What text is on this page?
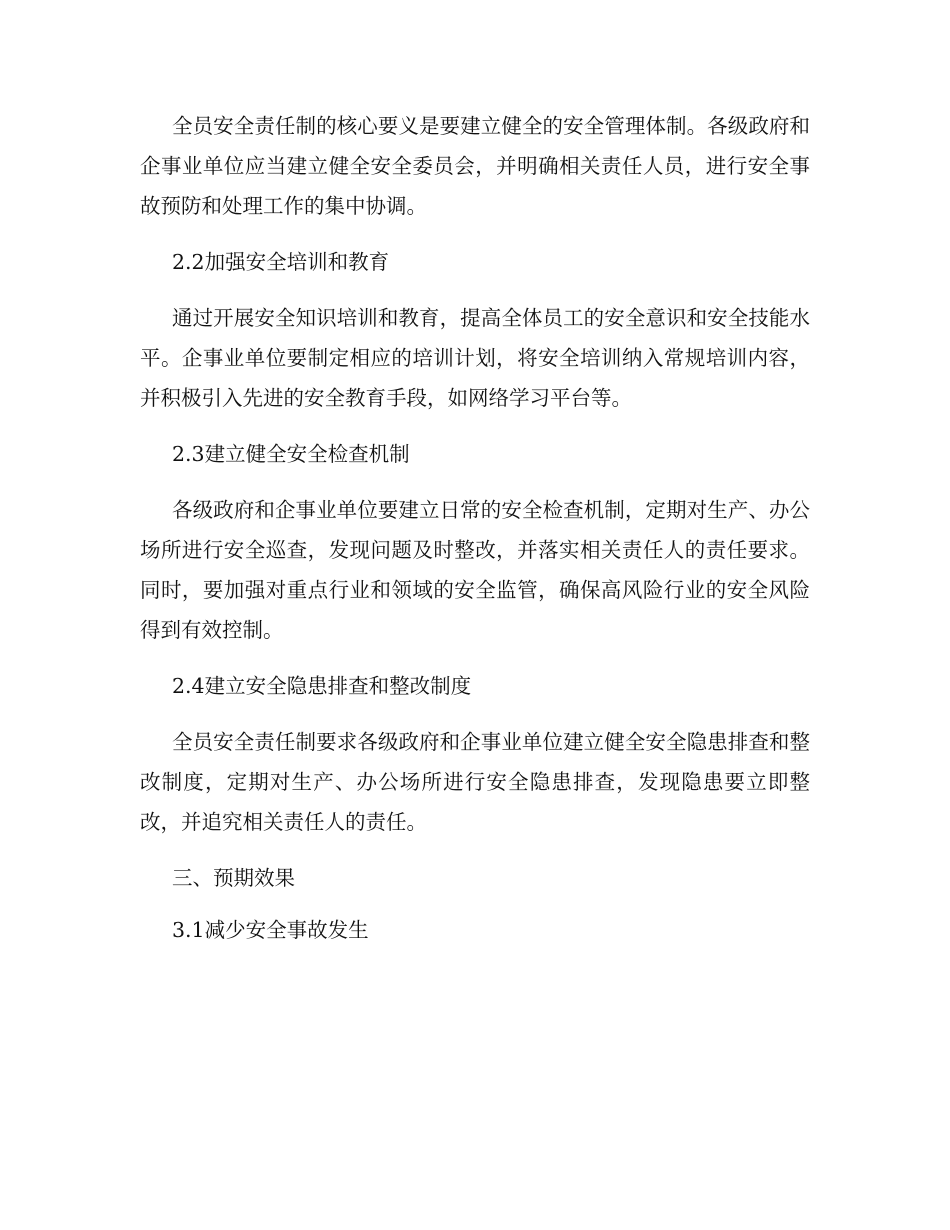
全员安全责任制的核心要义是要建立健全的安全管理体制。各级政府和企事业单位应当建立健全安全委员会，并明确相关责任人员，进行安全事故预防和处理工作的集中协调。

2.2加强安全培训和教育

通过开展安全知识培训和教育，提高全体员工的安全意识和安全技能水平。企事业单位要制定相应的培训计划，将安全培训纳入常规培训内容，并积极引入先进的安全教育手段，如网络学习平台等。

2.3建立健全安全检查机制

各级政府和企事业单位要建立日常的安全检查机制，定期对生产、办公场所进行安全巡查，发现问题及时整改，并落实相关责任人的责任要求。同时，要加强对重点行业和领域的安全监管，确保高风险行业的安全风险得到有效控制。

2.4建立安全隐患排查和整改制度

全员安全责任制要求各级政府和企事业单位建立健全安全隐患排查和整改制度，定期对生产、办公场所进行安全隐患排查，发现隐患要立即整改，并追究相关责任人的责任。

三、预期效果

3.1减少安全事故发生
